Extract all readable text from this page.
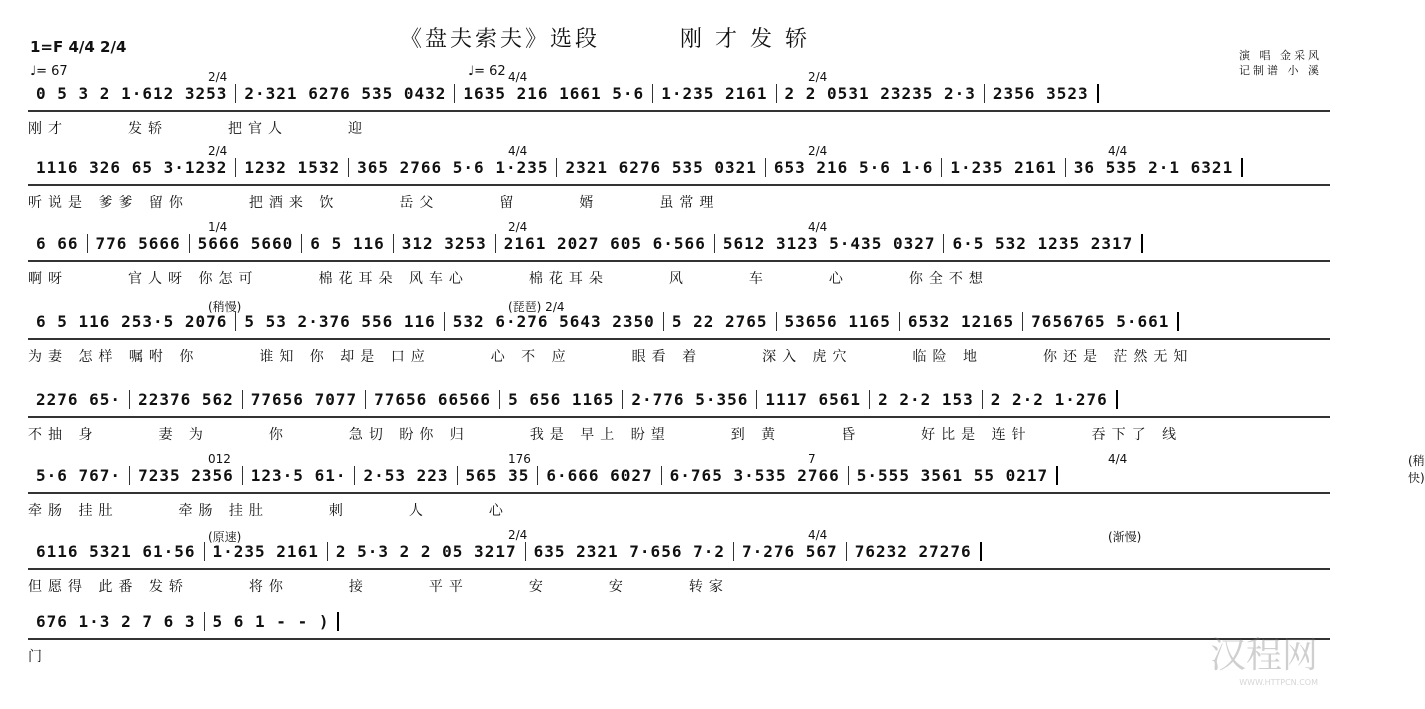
《盘夫索夫》选段	刚 才 发 轿
1=F 4/4 2/4
♩= 67	♩= 62
演 唱 金采风
记制谱 小 溪
0 5 3 2 1·612 3253 2·321 6276 535 0432 1635 216 1661 5·6 1·235 2161 2 2 0531 23235 2·3 2356 3523
刚才	发轿	把官人	迎
2/4	4/4	2/4
1116 326 65 3·1232 1232 1532 365 2766 5·6 1·235 2321 6276 535 0321 653 216 5·6 1·6 1·235 2161 36 535 2·1 6321
听说是 爹爹 留你	把酒来 饮	岳父	留	婿	虽常理
2/4	4/4	2/4	4/4
6 66 776 5666 5666 5660 6 5 116 312 3253 2161 2027 605 6·566 5612 3123 5·435 0327 6·5 532 1235 2317
啊呀	官人呀 你怎可	棉花耳朵 风车心	棉花耳朵	风	车	心	你全不想
1/4	2/4	4/4
6 5 116 253·5 2076 5 53 2·376 556 116 532 6·276 5643 2350 5 22 2765 53656 1165 6532 12165 7656765 5·661
为妻 怎样 嘱咐 你	谁知 你 却是 口应	心 不 应	眼看 着	深入 虎穴	临险 地	你还是 茫然无知
(稍慢)	(琵琶) 2/4
2276 65· 22376 562 77656 7077 77656 66566 5 656 1165 2·776 5·356 1117 6561 2 2·2 153 2 2·2 1·276
不抽 身	妻 为	你	急切 盼你 归	我是 早上 盼望	到 黄	昏	好比是 连针	吞下了 线
5·6 767· 7235 2356 123·5 61· 2·53 223 565 35 6·666 6027 6·765 3·535 2766 5·555 3561 55 0217
牵肠 挂肚	牵肠 挂肚	刺	人	心
012	176	7	4/4	(稍快)
6116 5321 61·56 1·235 2161 2 5·3 2 2 05 3217 635 2321 7·656 7·2 7·276 567 76232 27276
但愿得 此番 发轿	将你	接	平平	安	安	转家
(原速)	2/4	4/4	(渐慢)
676 1·3 2 7 6 3 5 6 1 - - )
门	汉程网
WWW.HTTPCN.COM
